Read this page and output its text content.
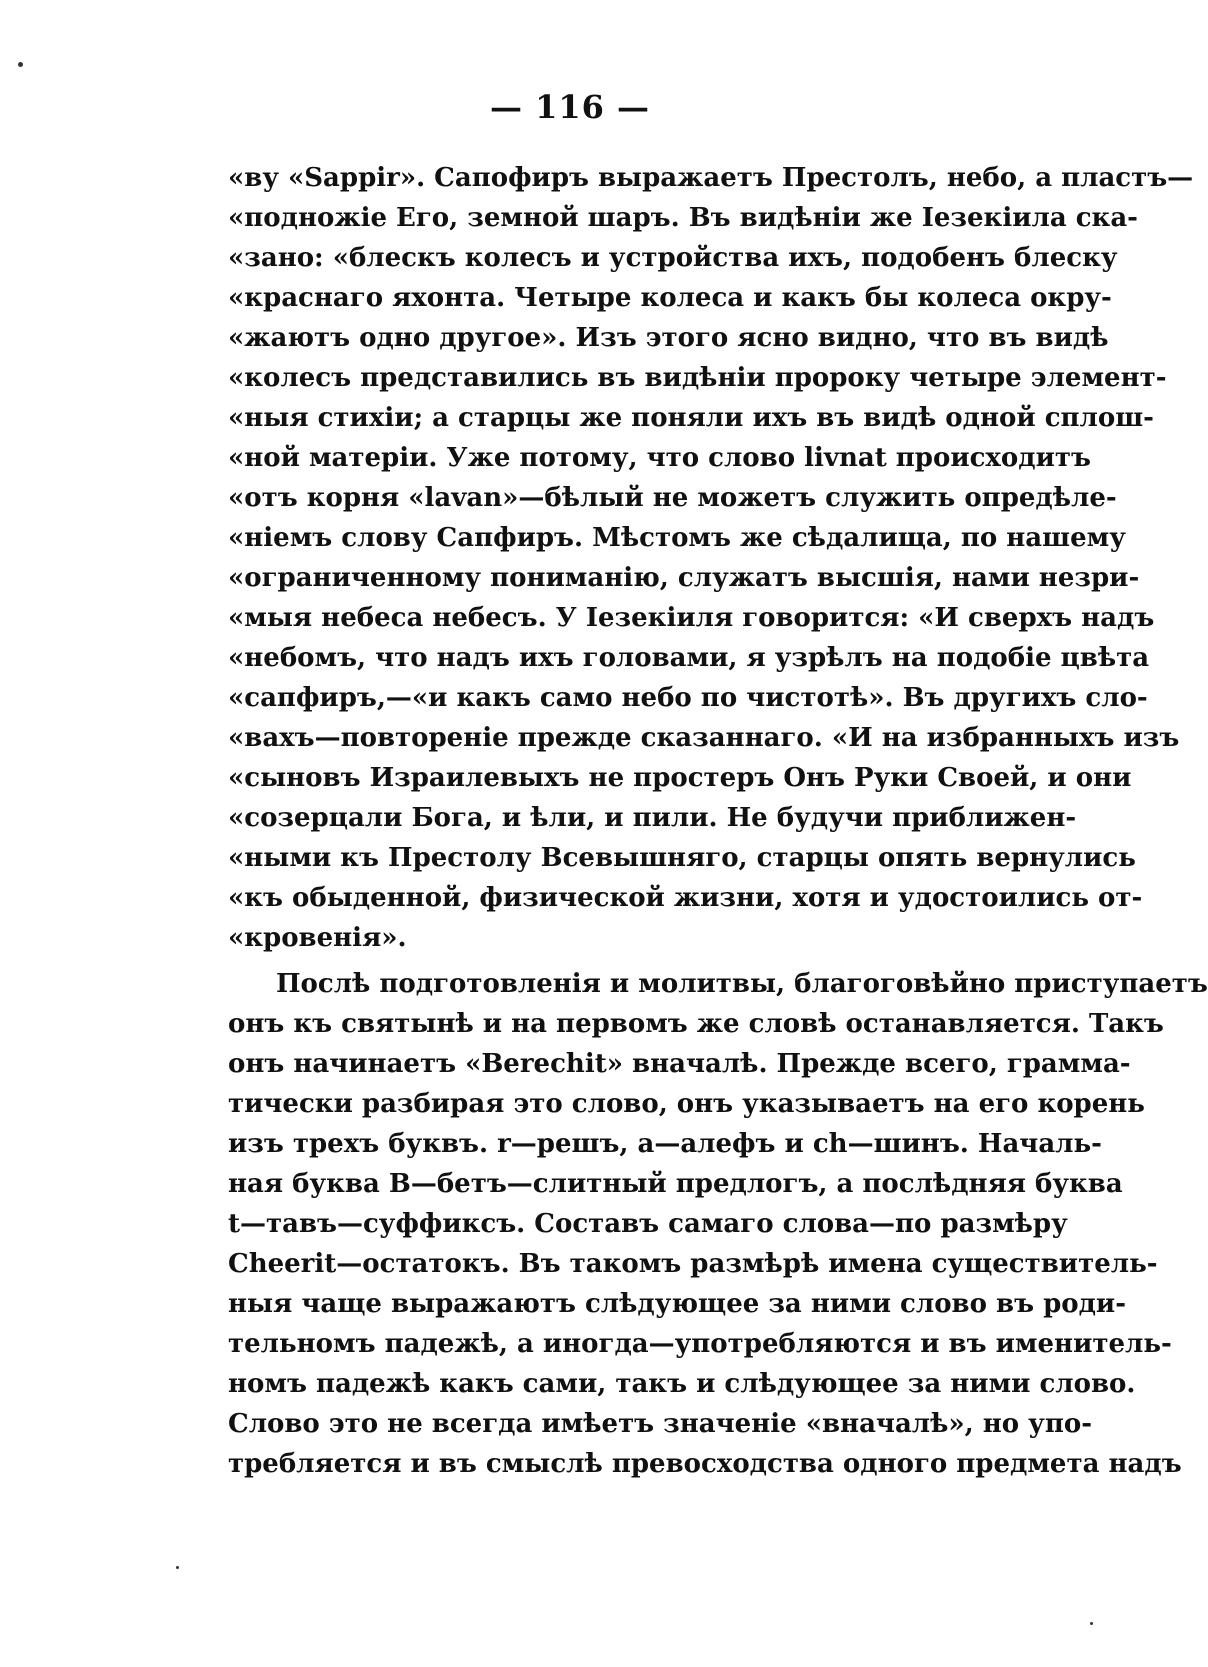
— 116 —
«ву «Sappir». Сапофиръ выражаетъ Престолъ, небо, а пластъ—
«подножіе Его, земной шаръ. Въ видѣніи же Іезекіила ска-
«зано: «блескъ колесъ и устройства ихъ, подобенъ блеску
«краснаго яхонта. Четыре колеса и какъ бы колеса окру-
«жаютъ одно другое». Изъ этого ясно видно, что въ видѣ
«колесъ представились въ видѣніи пророку четыре элемент-
«ныя стихіи; а старцы же поняли ихъ въ видѣ одной сплош-
«ной матеріи. Уже потому, что слово livnat происходитъ
«отъ корня «lavan»—бѣлый не можетъ служить опредѣле-
«ніемъ слову Сапфиръ. Мѣстомъ же сѣдалища, по нашему
«ограниченному пониманію, служатъ высшія, нами незри-
«мыя небеса небесъ. У Іезекіиля говорится: «И сверхъ надъ
«небомъ, что надъ ихъ головами, я узрѣлъ на подобіе цвѣта
«сапфиръ,—«и какъ само небо по чистотѣ». Въ другихъ сло-
«вахъ—повтореніе прежде сказаннаго. «И на избранныхъ изъ
«сыновъ Израилевыхъ не простеръ Онъ Руки Своей, и они
«созерцали Бога, и ѣли, и пили. Не будучи приближен-
«ными къ Престолу Всевышняго, старцы опять вернулись
«къ обыденной, физической жизни, хотя и удостоились от-
«кровенія».
Послѣ подготовленія и молитвы, благоговѣйно приступаетъ
онъ къ святынѣ и на первомъ же словѣ останавляется. Такъ
онъ начинаетъ «Berechit» вначалѣ. Прежде всего, грамма-
тически разбирая это слово, онъ указываетъ на его корень
изъ трехъ буквъ. r—решъ, a—алефъ и ch—шинъ. Началь-
ная буква B—бетъ—слитный предлогъ, а послѣдняя буква
t—тавъ—суффиксъ. Составъ самаго слова—по размѣру
Cheerit—остатокъ. Въ такомъ размѣрѣ имена существитель-
ныя чаще выражаютъ слѣдующее за ними слово въ роди-
тельномъ падежѣ, а иногда—употребляются и въ именитель-
номъ падежѣ какъ сами, такъ и слѣдующее за ними слово.
Слово это не всегда имѣетъ значеніе «вначалѣ», но упо-
требляется и въ смыслѣ превосходства одного предмета надъ
